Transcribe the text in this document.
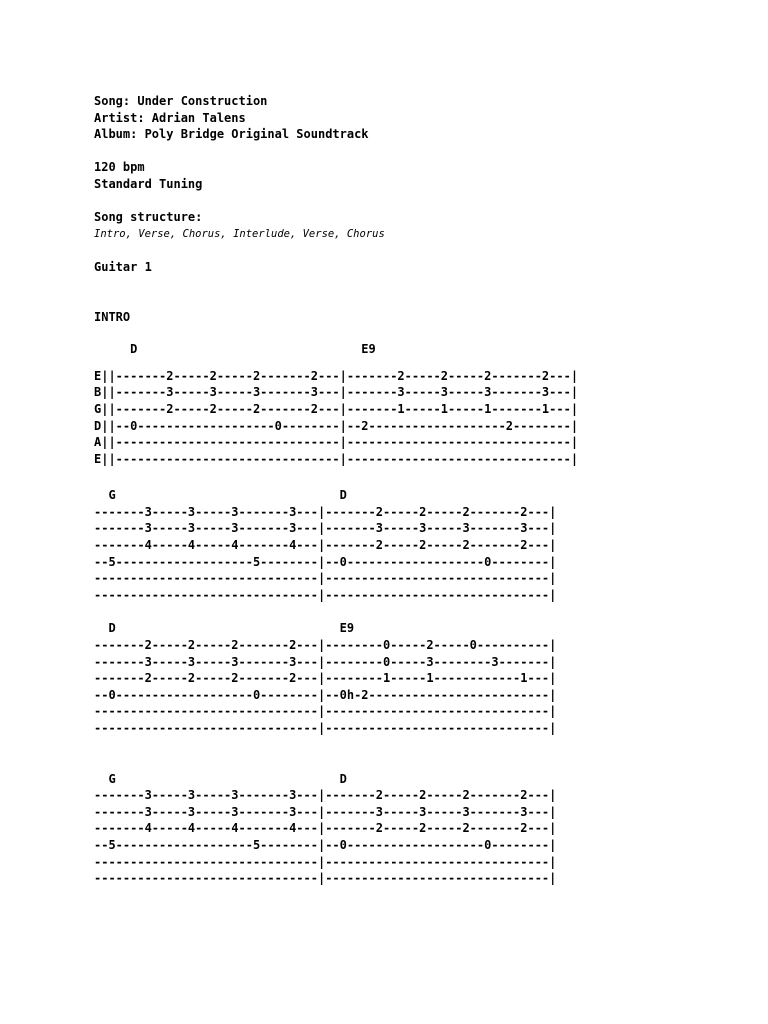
Song: Under Construction
Artist: Adrian Talens
Album: Poly Bridge Original Soundtrack
120 bpm
Standard Tuning
Song structure:
Intro, Verse, Chorus, Interlude, Verse, Chorus
Guitar 1
INTRO
D                               E9
E||-------2-----2-----2-------2---|-------2-----2-----2-------2---|
B||-------3-----3-----3-------3---|-------3-----3-----3-------3---|
G||-------2-----2-----2-------2---|-------1-----1-----1-------1---|
D||--0-------------------0--------|--2-------------------2--------|
A||-------------------------------|-------------------------------|
E||-------------------------------|-------------------------------|
G                               D
-------3-----3-----3-------3---|-------2-----2-----2-------2---|
-------3-----3-----3-------3---|-------3-----3-----3-------3---|
-------4-----4-----4-------4---|-------2-----2-----2-------2---|
--5-------------------5--------|--0-------------------0--------|
-------------------------------|-------------------------------|
-------------------------------|-------------------------------|
D                               E9
-------2-----2-----2-------2---|--------0-----2-----0----------|
-------3-----3-----3-------3---|--------0-----3--------3-------|
-------2-----2-----2-------2---|--------1-----1------------1---|
--0-------------------0--------|--0h-2-------------------------|
-------------------------------|-------------------------------|
-------------------------------|-------------------------------|
G                               D
-------3-----3-----3-------3---|-------2-----2-----2-------2---|
-------3-----3-----3-------3---|-------3-----3-----3-------3---|
-------4-----4-----4-------4---|-------2-----2-----2-------2---|
--5-------------------5--------|--0-------------------0--------|
-------------------------------|-------------------------------|
-------------------------------|-------------------------------|
